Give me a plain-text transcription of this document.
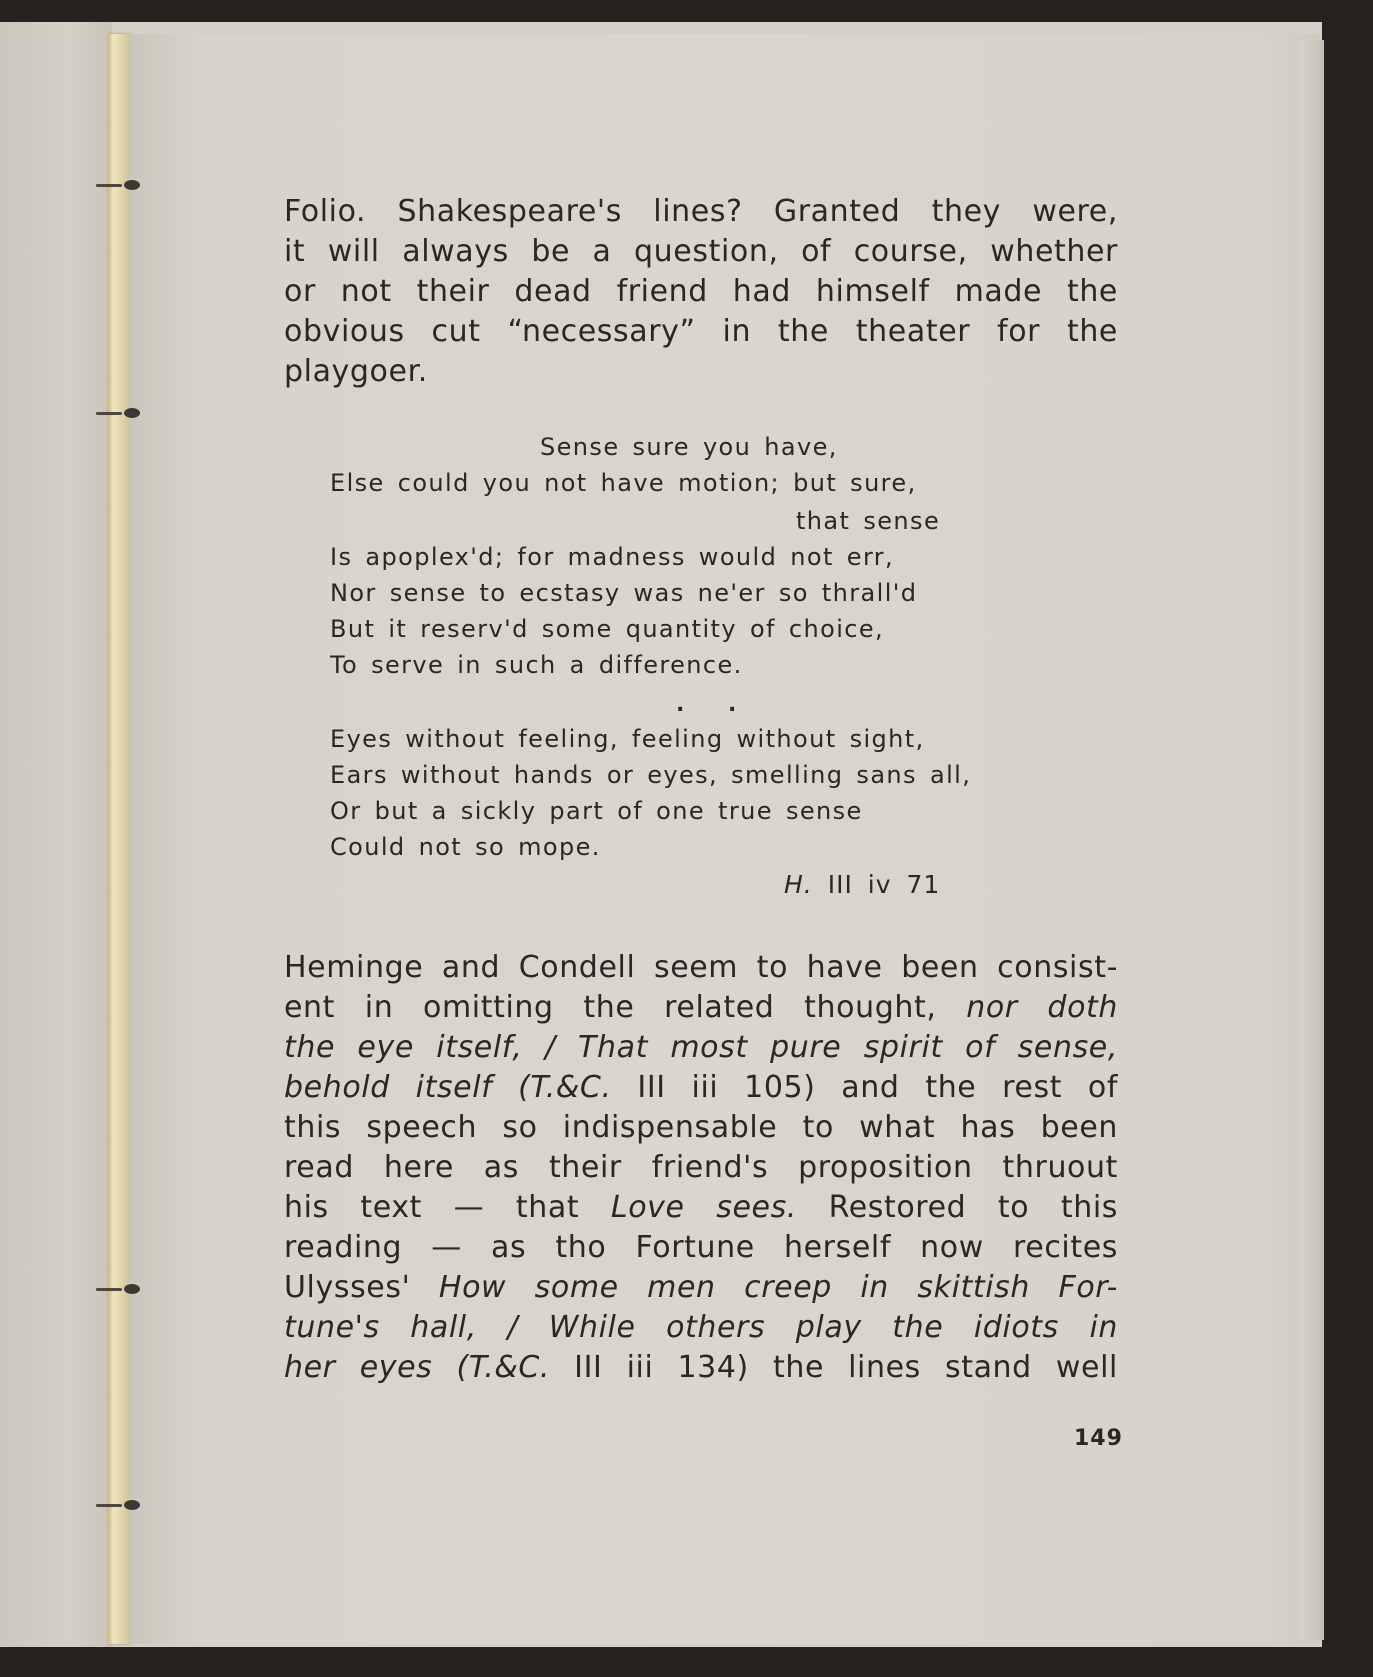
Folio. Shakespeare's lines? Granted they were,
it will always be a question, of course, whether
or not their dead friend had himself made the
obvious cut “necessary” in the theater for the
playgoer.
Sense sure you have,
Else could you not have motion; but sure,
that sense
Is apoplex'd; for madness would not err,
Nor sense to ecstasy was ne'er so thrall'd
But it reserv'd some quantity of choice,
To serve in such a difference.
. .
Eyes without feeling, feeling without sight,
Ears without hands or eyes, smelling sans all,
Or but a sickly part of one true sense
Could not so mope.
H. III iv 71
Heminge and Condell seem to have been consist-
ent in omitting the related thought, nor doth
the eye itself, / That most pure spirit of sense,
behold itself (T.&C. III iii 105) and the rest of
this speech so indispensable to what has been
read here as their friend's proposition thruout
his text — that Love sees. Restored to this
reading — as tho Fortune herself now recites
Ulysses' How some men creep in skittish For-
tune's hall, / While others play the idiots in
her eyes (T.&C. III iii 134) the lines stand well
149
